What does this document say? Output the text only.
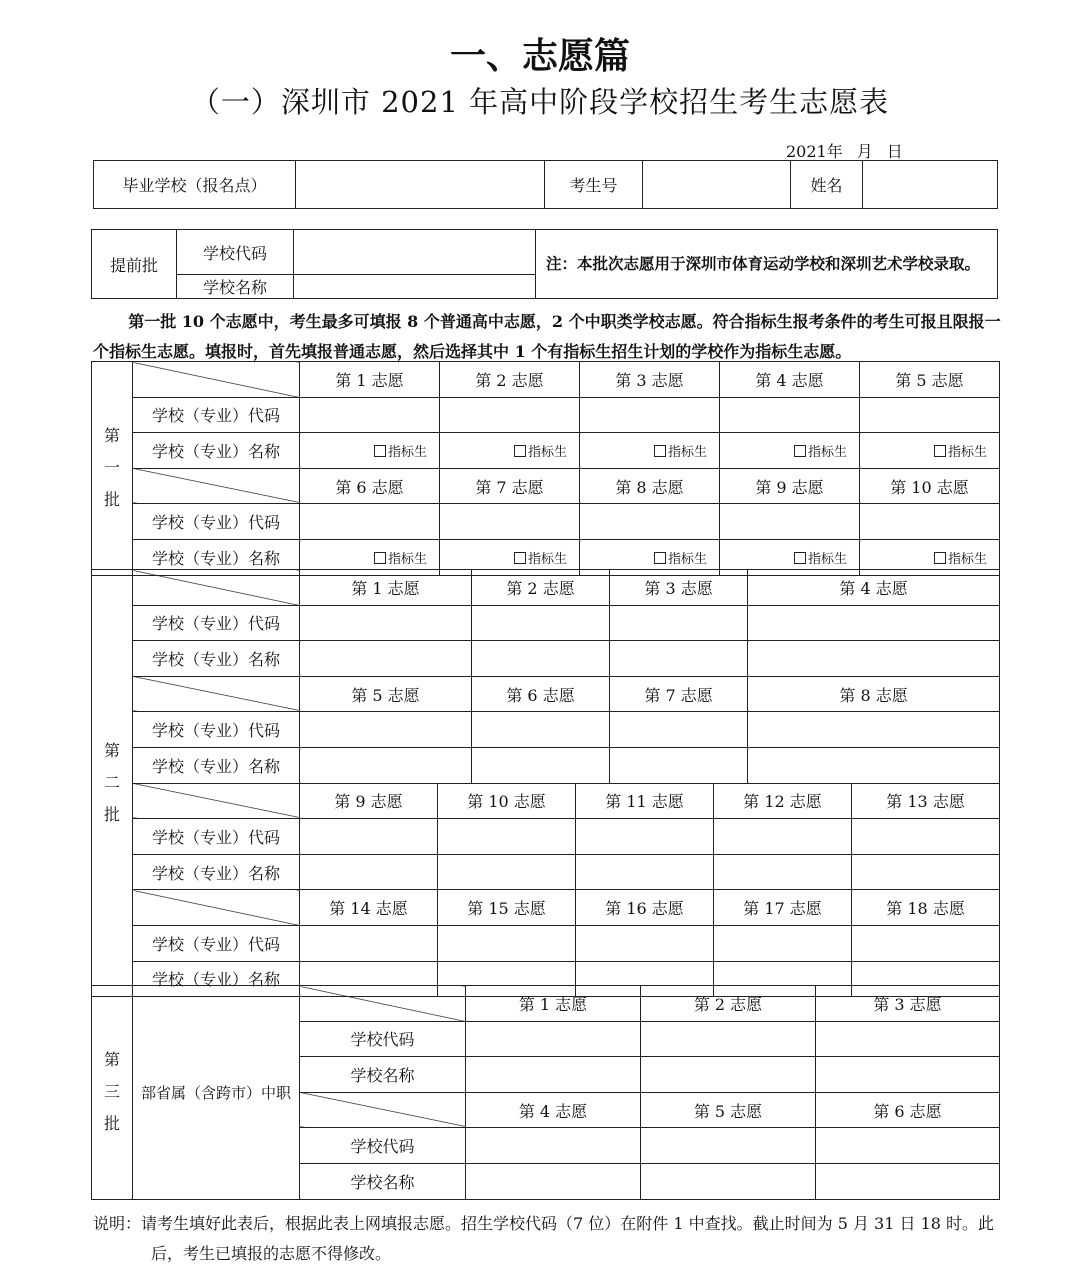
一、志愿篇
（一）深圳市 2021 年高中阶段学校招生考生志愿表
2021年 月 日
毕业学校（报名点）		考生号		姓名	
提前批	学校代码		注：本批次志愿用于深圳市体育运动学校和深圳艺术学校录取。
	学校名称		
第一批 10 个志愿中，考生最多可填报 8 个普通高中志愿，2 个中职类学校志愿。符合指标生报考条件的考生可报且限报一个指标生志愿。填报时，首先填报普通志愿，然后选择其中 1 个有指标生招生计划的学校作为指标生志愿。
第
一
批		第 1 志愿	第 2 志愿	第 3 志愿	第 4 志愿	第 5 志愿
	学校（专业）代码					
	学校（专业）名称	指标生	指标生	指标生	指标生	指标生
		第 6 志愿	第 7 志愿	第 8 志愿	第 9 志愿	第 10 志愿
	学校（专业）代码					
	学校（专业）名称	指标生	指标生	指标生	指标生	指标生
第
二
批		第 1 志愿		第 2 志愿		第 3 志愿		第 4 志愿	
	学校（专业）代码								
	学校（专业）名称								
		第 5 志愿		第 6 志愿		第 7 志愿		第 8 志愿	
	学校（专业）代码								
	学校（专业）名称								
		第 9 志愿	第 10 志愿		第 11 志愿		第 12 志愿		第 13 志愿
	学校（专业）代码								
	学校（专业）名称								
		第 14 志愿	第 15 志愿		第 16 志愿		第 17 志愿		第 18 志愿
	学校（专业）代码								
	学校（专业）名称								
第
三
批	部省属（含跨市）中职		第 1 志愿	第 2 志愿	第 3 志愿
		学校代码			
		学校名称			
			第 4 志愿	第 5 志愿	第 6 志愿
		学校代码			
		学校名称			
说明：请考生填好此表后，根据此表上网填报志愿。招生学校代码（7 位）在附件 1 中查找。截止时间为 5 月 31 日 18 时。此
后，考生已填报的志愿不得修改。
